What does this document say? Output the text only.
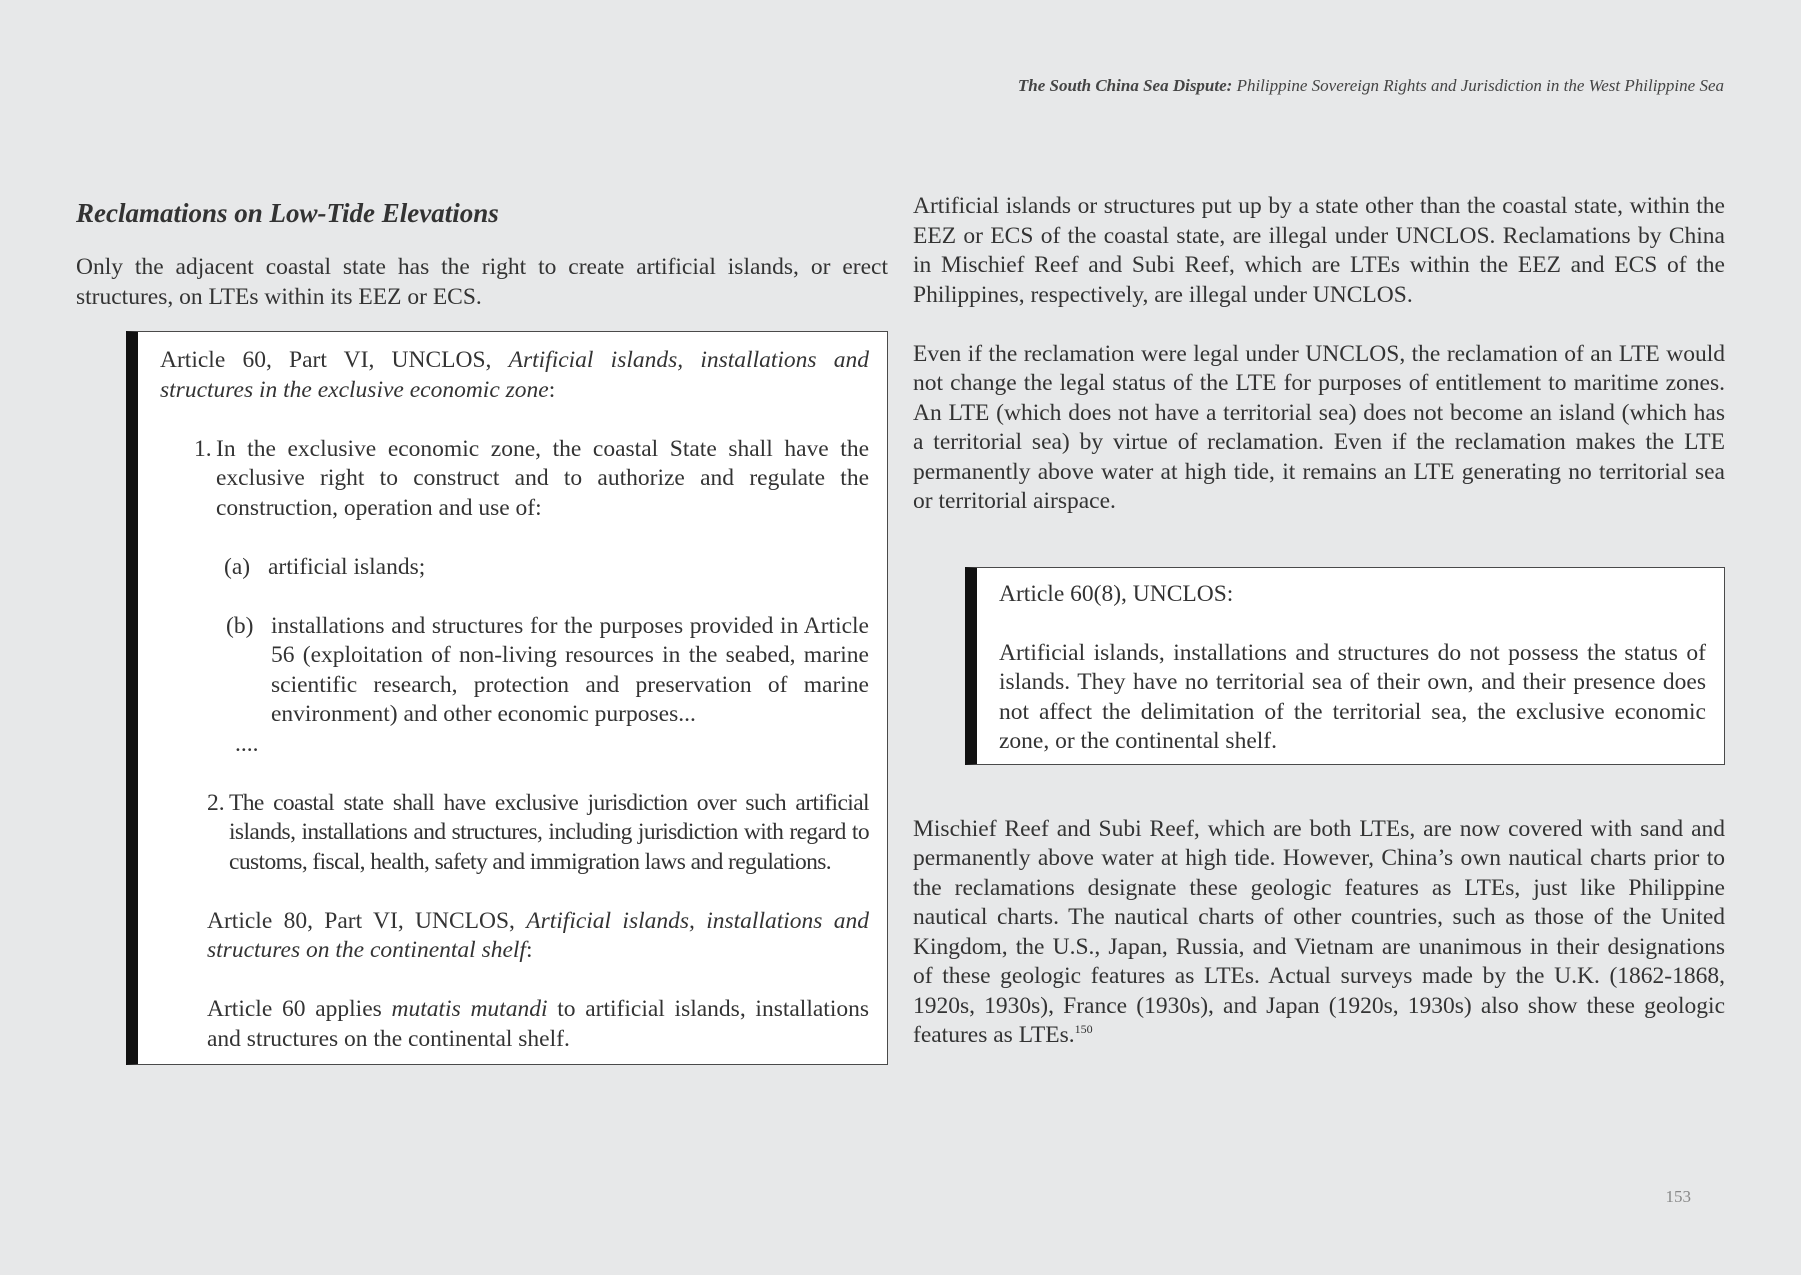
The South China Sea Dispute: Philippine Sovereign Rights and Jurisdiction in the West Philippine Sea
Reclamations on Low-Tide Elevations

Only the adjacent coastal state has the right to create artificial islands, or erect structures, on LTEs within its EEZ or ECS.

Article 60, Part VI, UNCLOS, Artificial islands, installations and structures in the exclusive economic zone:

1. In the exclusive economic zone, the coastal State shall have the exclusive right to construct and to authorize and regulate the construction, operation and use of:
(a) artificial islands;
(b) installations and structures for the purposes provided in Article 56 (exploitation of non-living resources in the seabed, marine scientific research, protection and preservation of marine environment) and other economic purposes...
....
2. The coastal state shall have exclusive jurisdiction over such artificial islands, installations and structures, including jurisdiction with regard to customs, fiscal, health, safety and immigration laws and regulations.

Article 80, Part VI, UNCLOS, Artificial islands, installations and structures on the continental shelf:

Article 60 applies mutatis mutandi to artificial islands, installations and structures on the continental shelf.

Artificial islands or structures put up by a state other than the coastal state, within the EEZ or ECS of the coastal state, are illegal under UNCLOS. Reclamations by China in Mischief Reef and Subi Reef, which are LTEs within the EEZ and ECS of the Philippines, respectively, are illegal under UNCLOS.

Even if the reclamation were legal under UNCLOS, the reclamation of an LTE would not change the legal status of the LTE for purposes of entitlement to maritime zones. An LTE (which does not have a territorial sea) does not become an island (which has a territorial sea) by virtue of reclamation. Even if the reclamation makes the LTE permanently above water at high tide, it remains an LTE generating no territorial sea or territorial airspace.

Article 60(8), UNCLOS:

Artificial islands, installations and structures do not possess the status of islands. They have no territorial sea of their own, and their presence does not affect the delimitation of the territorial sea, the exclusive economic zone, or the continental shelf.

Mischief Reef and Subi Reef, which are both LTEs, are now covered with sand and permanently above water at high tide. However, China’s own nautical charts prior to the reclamations designate these geologic features as LTEs, just like Philippine nautical charts. The nautical charts of other countries, such as those of the United Kingdom, the U.S., Japan, Russia, and Vietnam are unanimous in their designations of these geologic features as LTEs. Actual surveys made by the U.K. (1862-1868, 1920s, 1930s), France (1930s), and Japan (1920s, 1930s) also show these geologic features as LTEs.$^{150}$

153
